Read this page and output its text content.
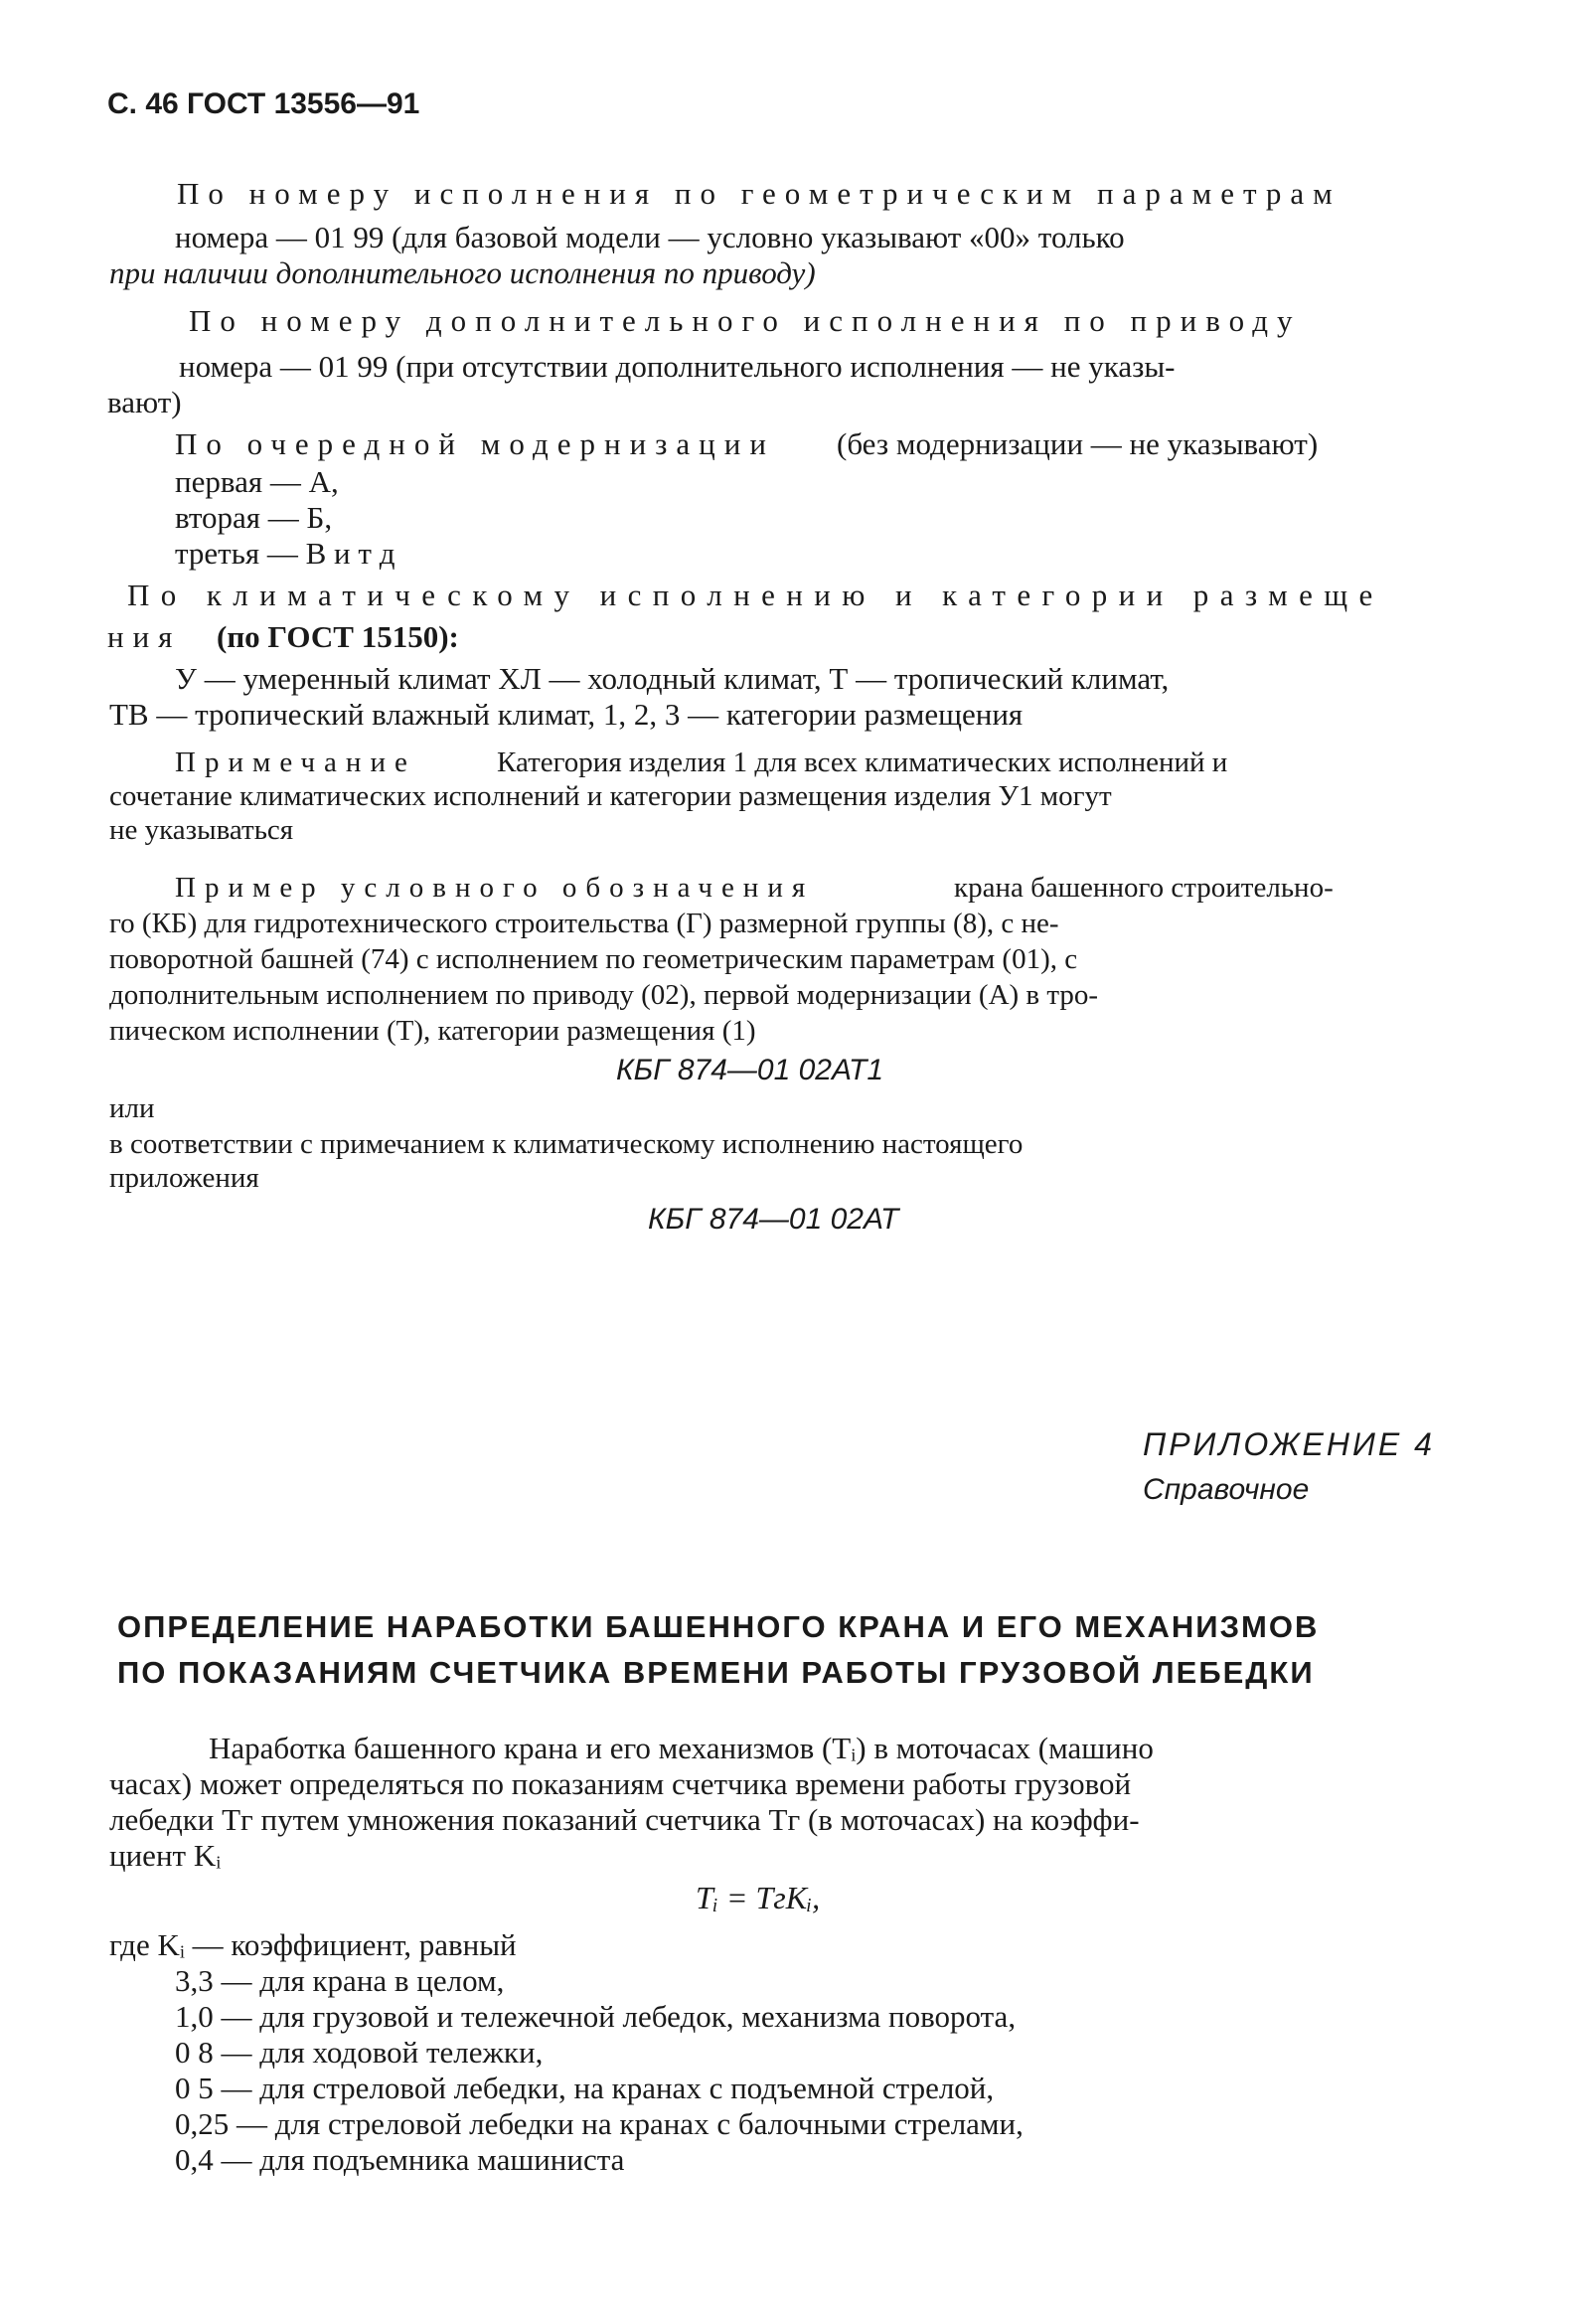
С. 46 ГОСТ 13556—91
По номеру исполнения по геометрическим параметрам
номера — 01 99 (для базовой модели — условно указывают «00» только
при наличии дополнительного исполнения по приводу)
По номеру дополнительного исполнения по приводу
номера — 01 99 (при отсутствии дополнительного исполнения — не указы-
вают)
По очередной модернизации (без модернизации — не указывают)
первая — А,
вторая — Б,
третья — В и т д
По климатическому исполнению и категории размеще
ния (по ГОСТ 15150):
У — умеренный климат ХЛ — холодный климат, Т — тропический климат,
ТВ — тропический влажный климат, 1, 2, 3 — категории размещения
Примечание	Категория изделия 1 для всех климатических исполнений и
сочетание климатических исполнений и категории размещения изделия У1 могут
не указываться
Пример условного обозначения	крана башенного строительно-
го (КБ) для гидротехнического строительства (Г) размерной группы (8), с не-
поворотной башней (74) с исполнением по геометрическим параметрам (01), с
дополнительным исполнением по приводу (02), первой модернизации (А) в тро-
пическом исполнении (Т), категории размещения (1)
КБГ 874—01 02АТ1
или
в соответствии с примечанием к климатическому исполнению настоящего
приложения
КБГ 874—01 02АТ
ПРИЛОЖЕНИЕ 4
Справочное
ОПРЕДЕЛЕНИЕ НАРАБОТКИ БАШЕННОГО КРАНА И ЕГО МЕХАНИЗМОВ
ПО ПОКАЗАНИЯМ СЧЕТЧИКА ВРЕМЕНИ РАБОТЫ ГРУЗОВОЙ ЛЕБЕДКИ
Наработка башенного крана и его механизмов (Tᵢ) в моточасах (машино
часах) может определяться по показаниям счетчика времени работы грузовой
лебедки Tг путем умножения показаний счетчика Tг (в моточасах) на коэффи-
циент Kᵢ
Tᵢ = TгKᵢ,
где Kᵢ — коэффициент, равный
3,3 — для крана в целом,
1,0 — для грузовой и тележечной лебедок, механизма поворота,
0 8 — для ходовой тележки,
0 5 — для стреловой лебедки, на кранах с подъемной стрелой,
0,25 — для стреловой лебедки на кранах с балочными стрелами,
0,4 — для подъемника машиниста
